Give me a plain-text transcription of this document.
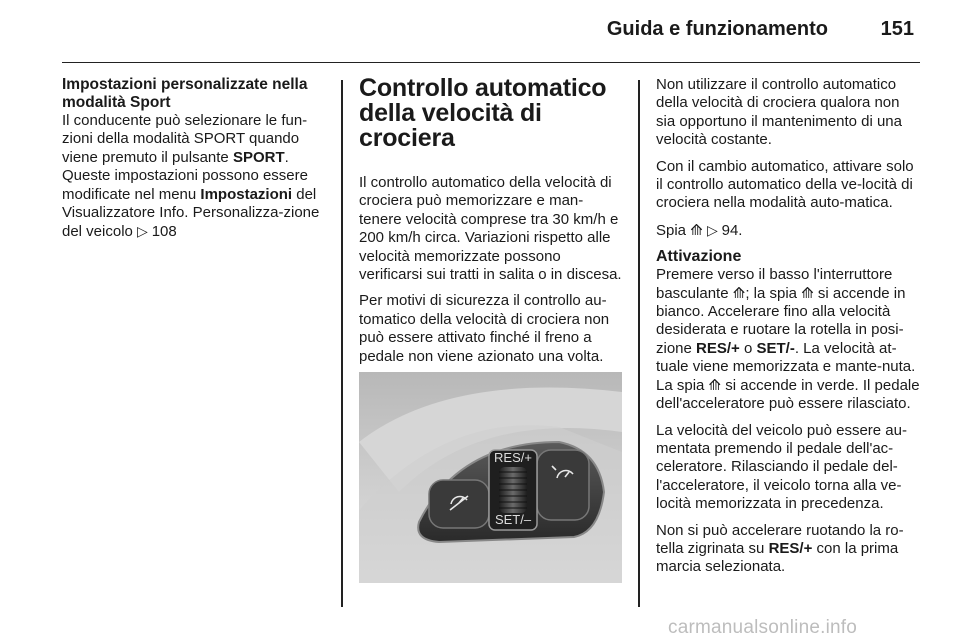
Guida e funzionamento	151
Impostazioni personalizzate nella modalità Sport

Il conducente può selezionare le fun-zioni della modalità SPORT quando viene premuto il pulsante SPORT. Queste impostazioni possono essere modificate nel menu Impostazioni del Visualizzatore Info. Personalizza-zione del veicolo ▷ 108

Controllo automatico della velocità di crociera

Il controllo automatico della velocità di crociera può memorizzare e man-tenere velocità comprese tra 30 km/h e 200 km/h circa. Variazioni rispetto alle velocità memorizzate possono verificarsi sui tratti in salita o in discesa.

Per motivi di sicurezza il controllo au-tomatico della velocità di crociera non può essere attivato finché il freno a pedale non viene azionato una volta.

RES/+
SET/–

Non utilizzare il controllo automatico della velocità di crociera qualora non sia opportuno il mantenimento di una velocità costante.

Con il cambio automatico, attivare solo il controllo automatico della ve-locità di crociera nella modalità auto-matica.

Spia ⟰ ▷ 94.

Attivazione

Premere verso il basso l'interruttore basculante ⟰; la spia ⟰ si accende in bianco. Accelerare fino alla velocità desiderata e ruotare la rotella in posi-zione RES/+ o SET/-. La velocità at-tuale viene memorizzata e mante-nuta. La spia ⟰ si accende in verde. Il pedale dell'acceleratore può essere rilasciato.

La velocità del veicolo può essere au-mentata premendo il pedale dell'ac-celeratore. Rilasciando il pedale del-l'acceleratore, il veicolo torna alla ve-locità memorizzata in precedenza.

Non si può accelerare ruotando la ro-tella zigrinata su RES/+ con la prima marcia selezionata.

carmanualsonline.info
